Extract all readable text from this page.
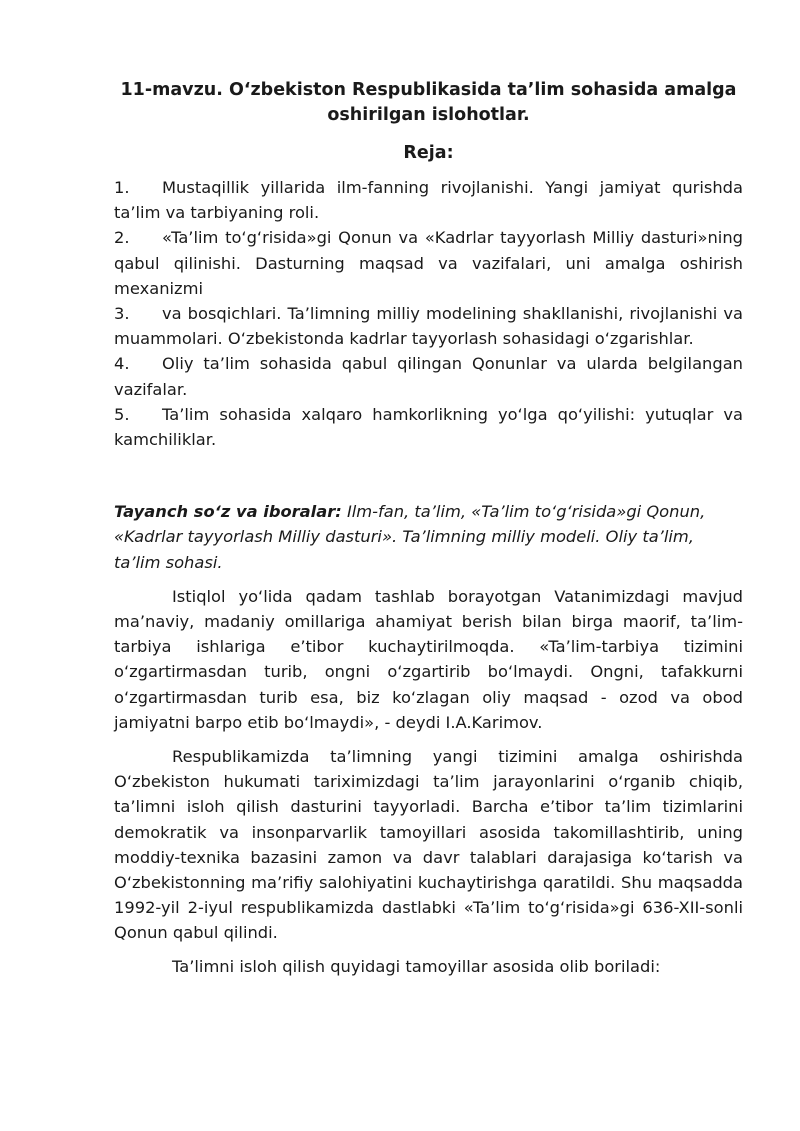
11-mavzu. O‘zbekiston Respublikasida ta’lim sohasida amalga oshirilgan islohotlar.
Reja:
1. Mustaqillik yillarida ilm-fanning rivojlanishi. Yangi jamiyat qurishda ta’lim va tarbiyaning roli.
2. «Ta’lim to‘g‘risida»gi Qonun va «Kadrlar tayyorlash Milliy dasturi»ning qabul qilinishi. Dasturning maqsad va vazifalari, uni amalga oshirish mexanizmi
3. va bosqichlari. Ta’limning milliy modelining shakllanishi, rivojlanishi va muammolari. O‘zbekistonda kadrlar tayyorlash sohasidagi o‘zgarishlar.
4. Oliy ta’lim sohasida qabul qilingan Qonunlar va ularda belgilangan vazifalar.
5. Ta’lim sohasida xalqaro hamkorlikning yo‘lga qo‘yilishi: yutuqlar va kamchiliklar.
Tayanch so‘z va iboralar: Ilm-fan, ta’lim, «Ta’lim to‘g‘risida»gi Qonun, «Kadrlar tayyorlash Milliy dasturi». Ta’limning milliy modeli. Oliy ta’lim, ta’lim sohasi.

Istiqlol yo‘lida qadam tashlab borayotgan Vatanimizdagi mavjud ma’naviy, madaniy omillariga ahamiyat berish bilan birga maorif, ta’lim-tarbiya ishlariga e’tibor kuchaytirilmoqda. «Ta’lim-tarbiya tizimini o‘zgartirmasdan turib, ongni o‘zgartirib bo‘lmaydi. Ongni, tafakkurni o‘zgartirmasdan turib esa, biz ko‘zlagan oliy maqsad - ozod va obod jamiyatni barpo etib bo‘lmaydi», - deydi I.A.Karimov.

Respublikamizda ta’limning yangi tizimini amalga oshirishda O‘zbekiston hukumati tariximizdagi ta’lim jarayonlarini o‘rganib chiqib, ta’limni isloh qilish dasturini tayyorladi. Barcha e’tibor ta’lim tizimlarini demokratik va insonparvarlik tamoyillari asosida takomillashtirib, uning moddiy-texnika bazasini zamon va davr talablari darajasiga ko‘tarish va O‘zbekistonning ma’rifiy salohiyatini kuchaytirishga qaratildi. Shu maqsadda 1992-yil 2-iyul respublikamizda dastlabki «Ta’lim to‘g‘risida»gi 636-XII-sonli Qonun qabul qilindi.

Ta’limni isloh qilish quyidagi tamoyillar asosida olib boriladi:
